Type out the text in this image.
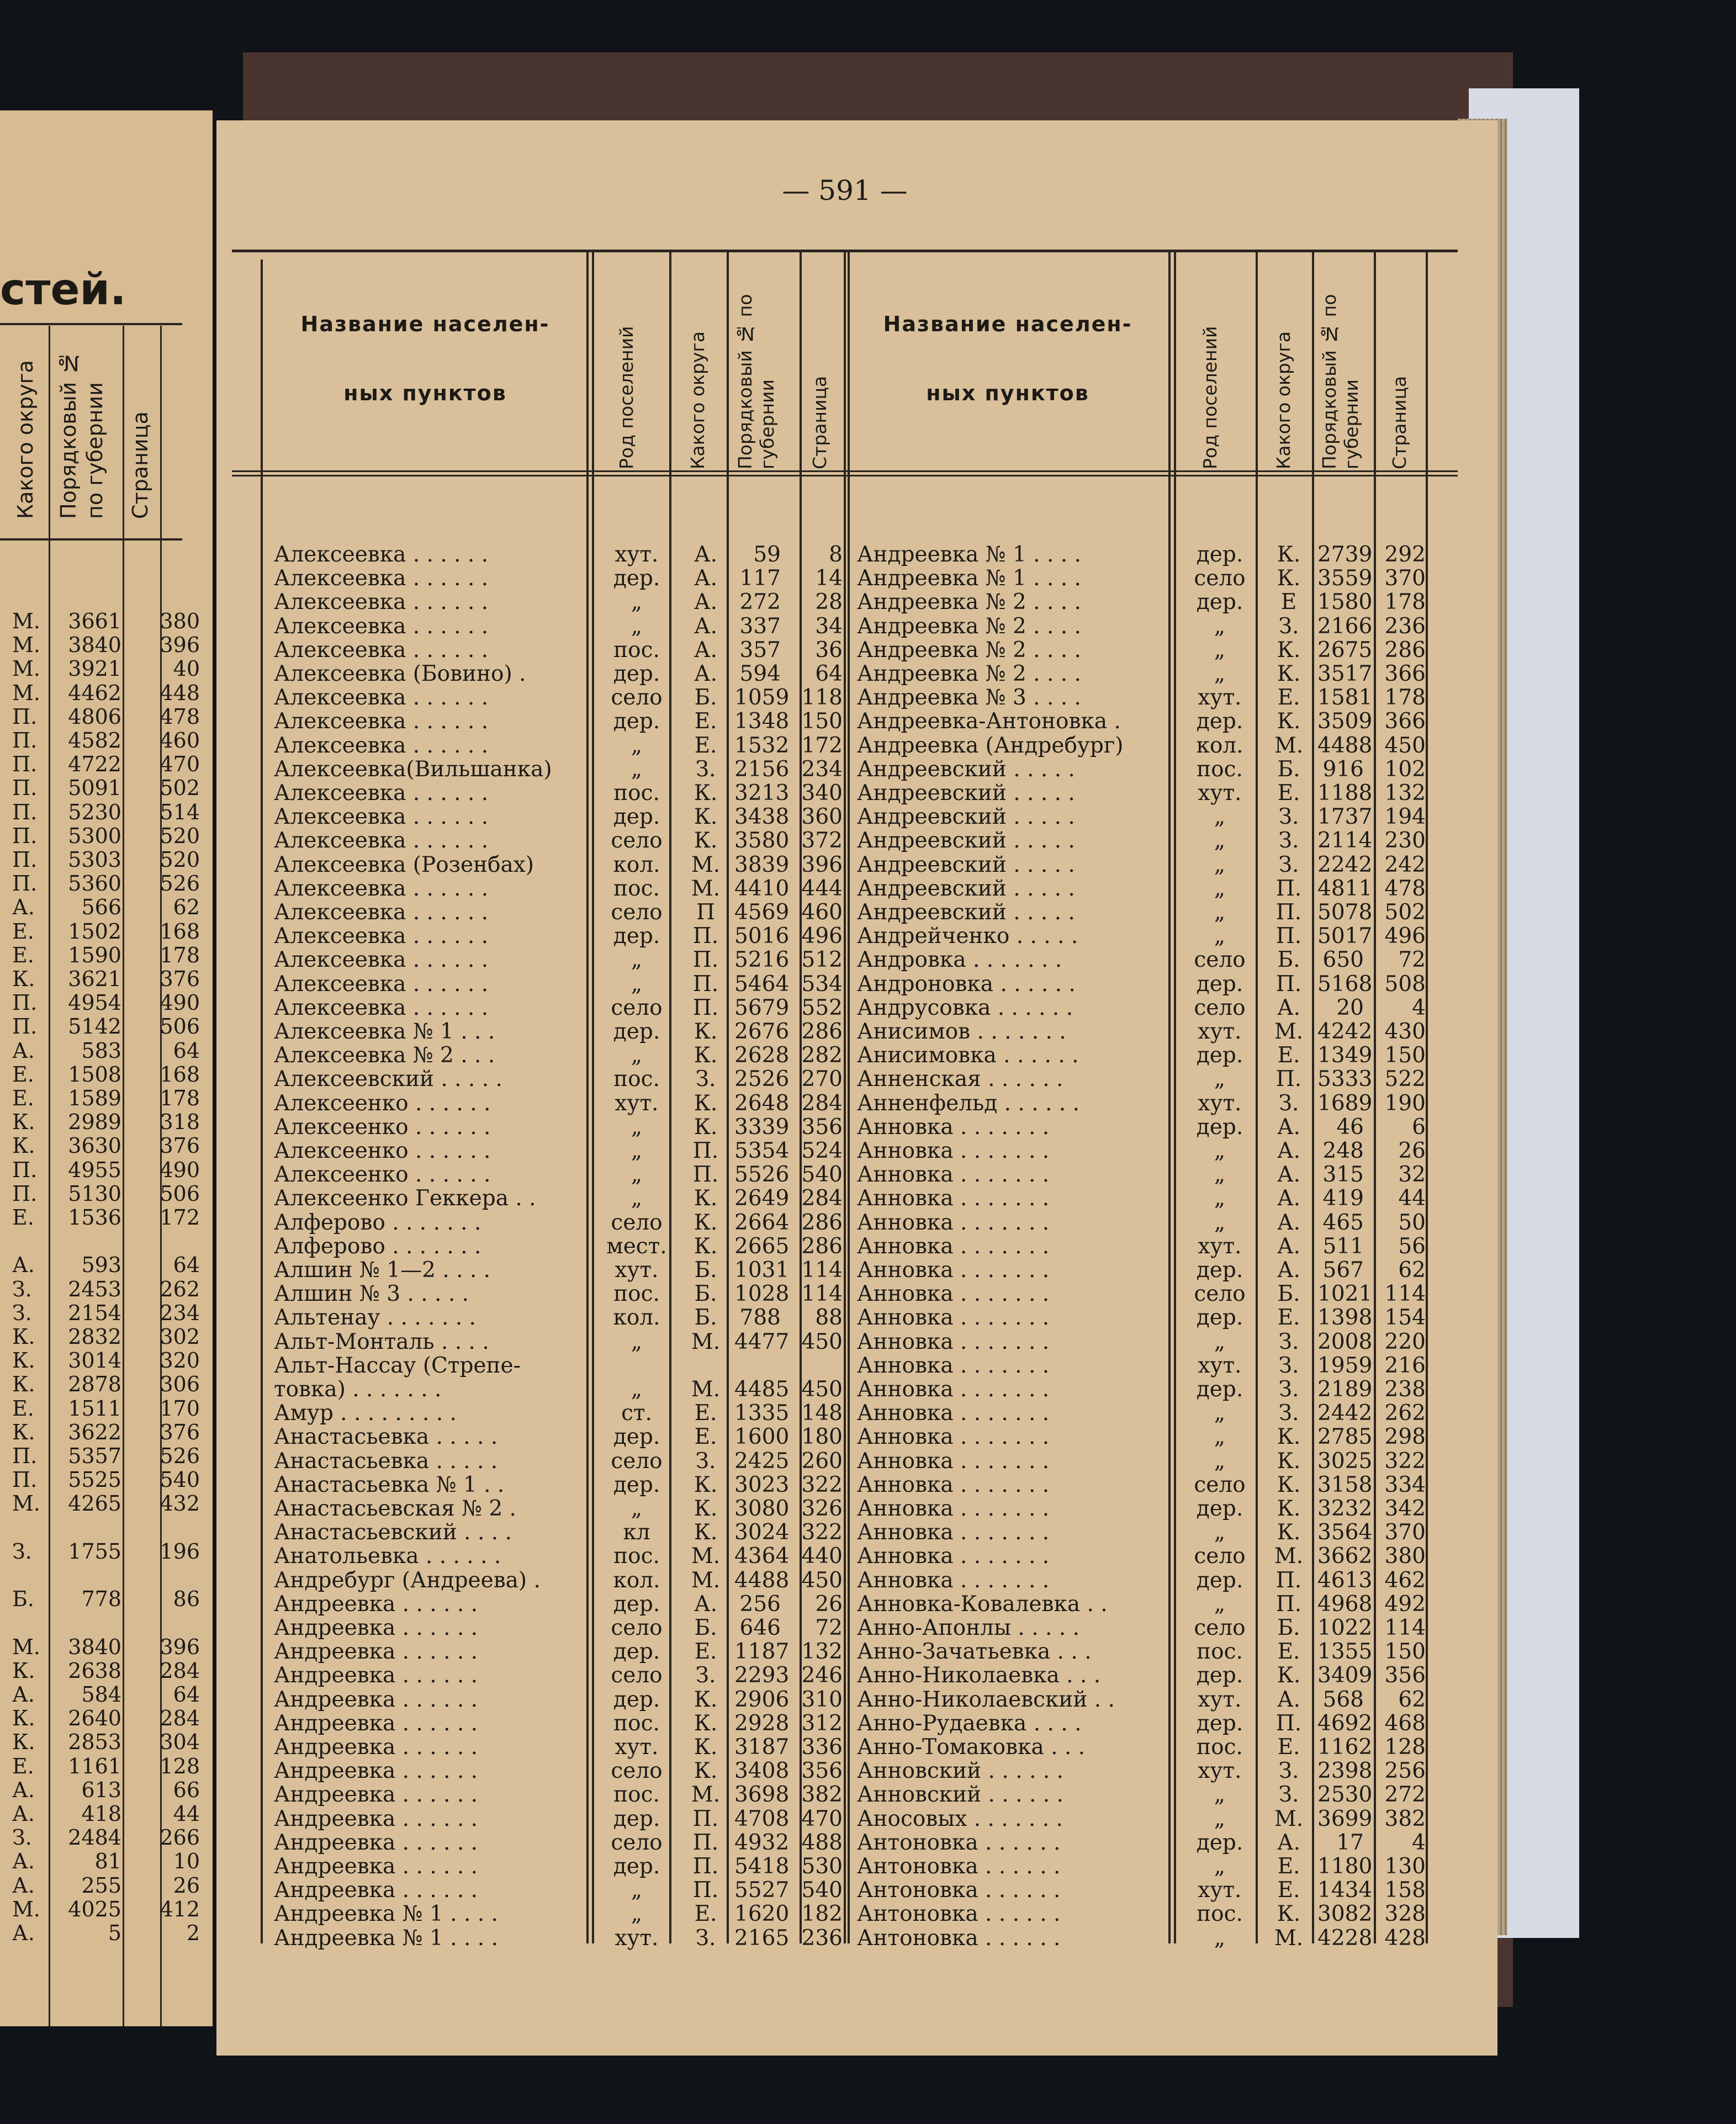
стей.
Какого округа Порядковый № по губернии Страница
М. 3661 380
М. 3840 396
М. 3921 40
М. 4462 448
П. 4806 478
П. 4582 460
П. 4722 470
П. 5091 502
П. 5230 514
П. 5300 520
П. 5303 520
П. 5360 526
А. 566 62
Е. 1502 168
Е. 1590 178
К. 3621 376
П. 4954 490
П. 5142 506
А. 583 64
Е. 1508 168
Е. 1589 178
К. 2989 318
К. 3630 376
П. 4955 490
П. 5130 506
Е. 1536 172
А. 593 64
З. 2453 262
З. 2154 234
К. 2832 302
К. 3014 320
К. 2878 306
Е. 1511 170
К. 3622 376
П. 5357 526
П. 5525 540
М. 4265 432
З. 1755 196
Б. 778 86
М. 3840 396
К. 2638 284
А. 584 64
К. 2640 284
К. 2853 304
Е. 1161 128
А. 613 66
А. 418 44
З. 2484 266
А.	81 10
А. 255 26
М. 4025 412
А.	5	2
— 591 —
Название населен-
ных пунктов
Название населен-
ных пунктов
Род поселений	Какого округа Порядковый № по губернии	Страница	Род поселений	Какого округа Порядковый № по губернии	Страница
Алексеевка . . . . . .	хут.	А.	59	8
Алексеевка . . . . . .	дер.	А.	117	14
Алексеевка . . . . . .	„	А.	272	28
Алексеевка . . . . . .	„	А.	337	34
Алексеевка . . . . . .	пос.	А.	357	36
Алексеевка (Бовино) .	дер.	А.	594	64
Алексеевка . . . . . .	село	Б. 1059 118
Алексеевка . . . . . .	дер.	Е. 1348 150
Алексеевка . . . . . .	„	Е. 1532 172
Алексеевка(Вильшанка)	„	З. 2156 234
Алексеевка . . . . . .	пос.	К. 3213 340
Алексеевка . . . . . .	дер.	К. 3438 360
Алексеевка . . . . . .	село	К. 3580 372
Алексеевка (Розенбах)	кол.	М. 3839 396
Алексеевка . . . . . .	пос.	М. 4410 444
Алексеевка . . . . . .	село	П 4569 460
Алексеевка . . . . . .	дер.	П. 5016 496
Алексеевка . . . . . .	„	П. 5216 512
Алексеевка . . . . . .	„	П. 5464 534
Алексеевка . . . . . .	село	П. 5679 552
Алексеевка № 1 . . .	дер.	К. 2676 286
Алексеевка № 2 . . .	„	К. 2628 282
Алексеевский . . . . .	пос.	З. 2526 270
Алексеенко . . . . . .	хут.	К. 2648 284
Алексеенко . . . . . .	„	К. 3339 356
Алексеенко . . . . . .	„	П. 5354 524
Алексеенко . . . . . .	„	П. 5526 540
Алексеенко Геккера . .	„	К. 2649 284
Алферово . . . . . . .	село	К. 2664 286
Алферово . . . . . . .	мест.	К. 2665 286
Алшин № 1—2 . . . .	хут.	Б. 1031 114
Алшин № 3 . . . . .	пос.	Б. 1028 114
Альтенау . . . . . . .	кол.	Б.	788	88
Альт-Монталь . . . .	„	М. 4477 450
Альт-Нассау (Стрепе-
товка) . . . . . . .	„	М. 4485 450
Амур . . . . . . . . .	ст.	Е. 1335 148
Анастасьевка . . . . .	дер.	Е. 1600 180
Анастасьевка . . . . .	село	З. 2425 260
Анастасьевка № 1 . .	дер.	К. 3023 322
Анастасьевская № 2 .	„	К. 3080 326
Анастасьевский . . . .	кл	К. 3024 322
Анатольевка . . . . . .	пос.	М. 4364 440
Андребург (Андреева) .	кол.	М. 4488 450
Андреевка . . . . . .	дер.	А.	256	26
Андреевка . . . . . .	село	Б.	646	72
Андреевка . . . . . .	дер.	Е. 1187 132
Андреевка . . . . . .	село	З. 2293 246
Андреевка . . . . . .	дер.	К. 2906 310
Андреевка . . . . . .	пос.	К. 2928 312
Андреевка . . . . . .	хут.	К. 3187 336
Андреевка . . . . . .	село	К. 3408 356
Андреевка . . . . . .	пос.	М. 3698 382
Андреевка . . . . . .	дер.	П. 4708 470
Андреевка . . . . . .	село	П. 4932 488
Андреевка . . . . . .	дер.	П. 5418 530
Андреевка . . . . . .	„	П. 5527 540
Андреевка № 1 . . . .	„	Е. 1620 182
Андреевка № 1 . . . .	хут.	З. 2165 236
Андреевка № 1 . . . .	дер.	К. 2739 292
Андреевка № 1 . . . .	село	К. 3559 370
Андреевка № 2 . . . .	дер.	Е 1580 178
Андреевка № 2 . . . .	„	З. 2166 236
Андреевка № 2 . . . .	„	К. 2675 286
Андреевка № 2 . . . .	„	К. 3517 366
Андреевка № 3 . . . .	хут.	Е. 1581 178
Андреевка-Антоновка .	дер.	К. 3509 366
Андреевка (Андребург)	кол.	М. 4488 450
Андреевский . . . . .	пос.	Б.	916 102
Андреевский . . . . .	хут.	Е. 1188 132
Андреевский . . . . .	„	З. 1737 194
Андреевский . . . . .	„	З. 2114 230
Андреевский . . . . .	„	З. 2242 242
Андреевский . . . . .	„	П. 4811 478
Андреевский . . . . .	„	П. 5078 502
Андрейченко . . . . .	„	П. 5017 496
Андровка . . . . . . .	село	Б.	650	72
Андроновка . . . . . .	дер.	П. 5168 508
Андрусовка . . . . . .	село	А.	20	4
Анисимов . . . . . . .	хут.	М. 4242 430
Анисимовка . . . . . .	дер.	Е. 1349 150
Анненская . . . . . .	„	П. 5333 522
Анненфельд . . . . . .	хут.	З. 1689 190
Анновка . . . . . . .	дер.	А.	46	6
Анновка . . . . . . .	„	А.	248	26
Анновка . . . . . . .	„	А.	315	32
Анновка . . . . . . .	„	А.	419	44
Анновка . . . . . . .	„	А.	465	50
Анновка . . . . . . .	хут.	А.	511	56
Анновка . . . . . . .	дер.	А.	567	62
Анновка . . . . . . .	село	Б. 1021 114
Анновка . . . . . . .	дер.	Е. 1398 154
Анновка . . . . . . .	„	З. 2008 220
Анновка . . . . . . .	хут.	З. 1959 216
Анновка . . . . . . .	дер.	З. 2189 238
Анновка . . . . . . .	„	З. 2442 262
Анновка . . . . . . .	„	К. 2785 298
Анновка . . . . . . .	„	К. 3025 322
Анновка . . . . . . .	село	К. 3158 334
Анновка . . . . . . .	дер.	К. 3232 342
Анновка . . . . . . .	„	К. 3564 370
Анновка . . . . . . .	село	М. 3662 380
Анновка . . . . . . .	дер.	П. 4613 462
Анновка-Ковалевка . .	„	П. 4968 492
Анно-Апонлы . . . . .	село	Б. 1022 114
Анно-Зачатьевка . . .	пос.	Е. 1355 150
Анно-Николаевка . . .	дер.	К. 3409 356
Анно-Николаевский . .	хут.	А.	568	62
Анно-Рудаевка . . . .	дер.	П. 4692 468
Анно-Томаковка . . .	пос.	Е. 1162 128
Анновский . . . . . .	хут.	З. 2398 256
Анновский . . . . . .	„	З. 2530 272
Аносовых . . . . . . .	„	М. 3699 382
Антоновка . . . . . .	дер.	А.	17	4
Антоновка . . . . . .	„	Е. 1180 130
Антоновка . . . . . .	хут.	Е. 1434 158
Антоновка . . . . . .	пос.	К. 3082 328
Антоновка . . . . . .	„	М. 4228 428
